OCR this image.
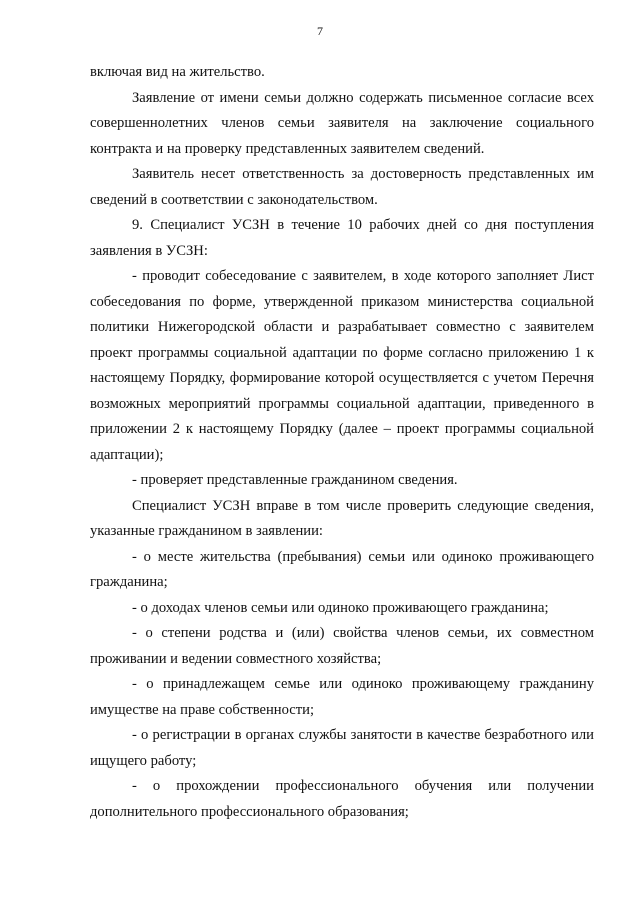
7

включая вид на жительство.

Заявление от имени семьи должно содержать письменное согласие всех совершеннолетних членов семьи заявителя на заключение социального контракта и на проверку представленных заявителем сведений.

Заявитель несет ответственность за достоверность представленных им сведений в соответствии с законодательством.

9. Специалист УСЗН в течение 10 рабочих дней со дня поступления заявления в УСЗН:

- проводит собеседование с заявителем, в ходе которого заполняет Лист собеседования по форме, утвержденной приказом министерства социальной политики Нижегородской области и разрабатывает совместно с заявителем проект программы социальной адаптации по форме согласно приложению 1 к настоящему Порядку, формирование которой осуществляется с учетом Перечня возможных мероприятий программы социальной адаптации, приведенного в приложении 2 к настоящему Порядку (далее – проект программы социальной адаптации);

- проверяет представленные гражданином сведения.

Специалист УСЗН вправе в том числе проверить следующие сведения, указанные гражданином в заявлении:

- о месте жительства (пребывания) семьи или одиноко проживающего гражданина;

- о доходах членов семьи или одиноко проживающего гражданина;

- о степени родства и (или) свойства членов семьи, их совместном проживании и ведении совместного хозяйства;

- о принадлежащем семье или одиноко проживающему гражданину имуществе на праве собственности;

- о регистрации в органах службы занятости в качестве безработного или ищущего работу;

- о прохождении профессионального обучения или получении дополнительного профессионального образования;
